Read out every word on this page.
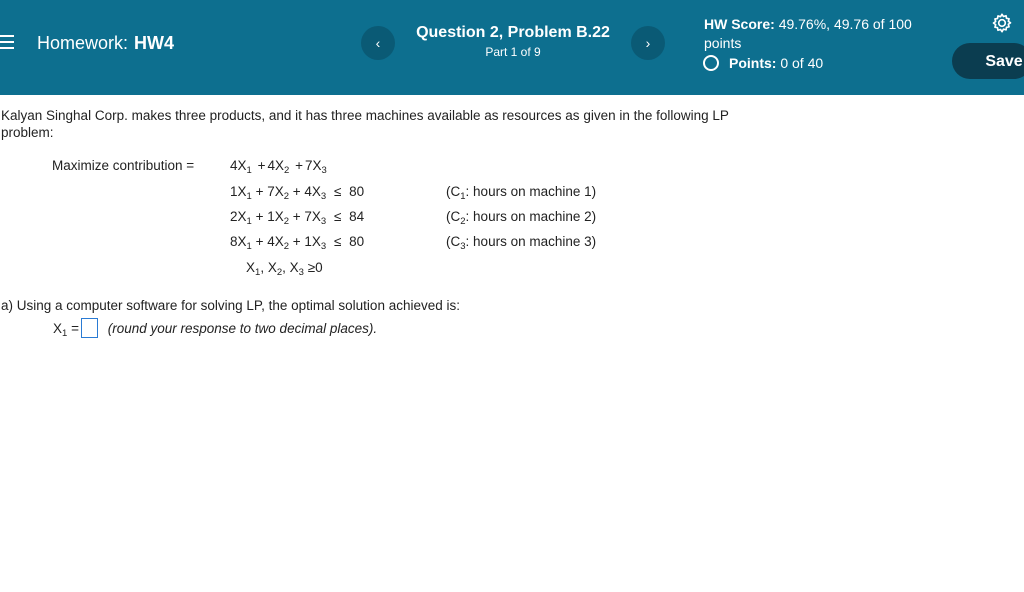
Homework: HW4	‹
Question 2, Problem B.22
Part 1 of 9
›
HW Score: 49.76%, 49.76 of 100 points
Points: 0 of 40	Save
Kalyan Singhal Corp. makes three products, and it has three machines available as resources as given in the following LP problem:
Maximize contribution =	$4X_1 + 4X_2 + 7X_3$
$1X_1 + 7X_2 + 4X_3 \le 80$	($C_1$: hours on machine 1)
$2X_1 + 1X_2 + 7X_3 \le 84$	($C_2$: hours on machine 2)
$8X_1 + 4X_2 + 1X_3 \le 80$	($C_3$: hours on machine 3)
$X_1$, $X_2$, $X_3 \ge 0$
a) Using a computer software for solving LP, the optimal solution achieved is:
$X_1$ = (round your response to two decimal places).
